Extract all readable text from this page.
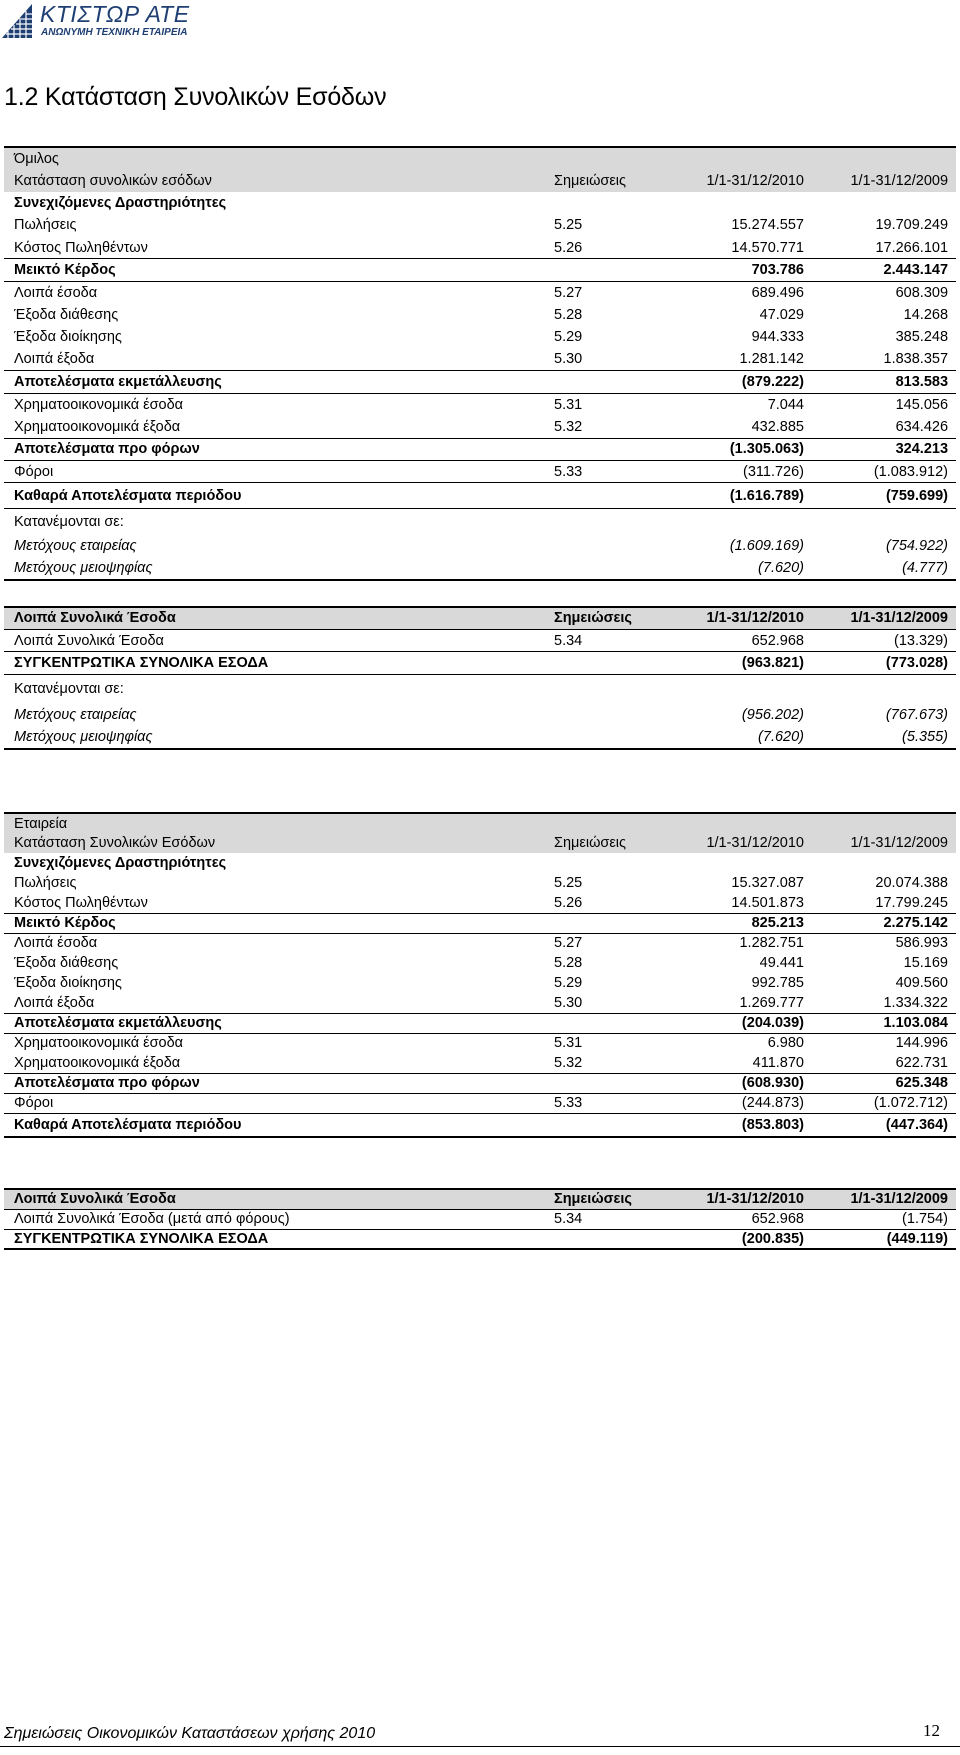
ΚΤΙΣΤΩΡ ΑΤΕ
ΑΝΩΝΥΜΗ ΤΕΧΝΙΚΗ ΕΤΑΙΡΕΙΑ
1.2 Κατάσταση Συνολικών Εσόδων
Όμιλος			
Κατάσταση συνολικών εσόδων	Σημειώσεις	1/1-31/12/2010	1/1-31/12/2009
Συνεχιζόμενες Δραστηριότητες			
Πωλήσεις	5.25	15.274.557	19.709.249
Κόστος Πωληθέντων	5.26	14.570.771	17.266.101
Μεικτό Κέρδος		703.786	2.443.147
Λοιπά έσοδα	5.27	689.496	608.309
Έξοδα διάθεσης	5.28	47.029	14.268
Έξοδα διοίκησης	5.29	944.333	385.248
Λοιπά έξοδα	5.30	1.281.142	1.838.357
Αποτελέσματα εκμετάλλευσης		(879.222)	813.583
Χρηματοοικονομικά έσοδα	5.31	7.044	145.056
Χρηματοοικονομικά έξοδα	5.32	432.885	634.426
Αποτελέσματα προ φόρων		(1.305.063)	324.213
Φόροι	5.33	(311.726)	(1.083.912)
Καθαρά Αποτελέσματα περιόδου		(1.616.789)	(759.699)
Κατανέμονται σε:			
Μετόχους εταιρείας		(1.609.169)	(754.922)
Μετόχους μειοψηφίας		(7.620)	(4.777)
Λοιπά Συνολικά Έσοδα	Σημειώσεις	1/1-31/12/2010	1/1-31/12/2009
Λοιπά Συνολικά Έσοδα	5.34	652.968	(13.329)
ΣΥΓΚΕΝΤΡΩΤΙΚΑ ΣΥΝΟΛΙΚΑ ΕΣΟΔΑ		(963.821)	(773.028)
Κατανέμονται σε:			
Μετόχους εταιρείας		(956.202)	(767.673)
Μετόχους μειοψηφίας		(7.620)	(5.355)
Εταιρεία			
Κατάσταση Συνολικών Εσόδων	Σημειώσεις	1/1-31/12/2010	1/1-31/12/2009
Συνεχιζόμενες Δραστηριότητες			
Πωλήσεις	5.25	15.327.087	20.074.388
Κόστος Πωληθέντων	5.26	14.501.873	17.799.245
Μεικτό Κέρδος		825.213	2.275.142
Λοιπά έσοδα	5.27	1.282.751	586.993
Έξοδα διάθεσης	5.28	49.441	15.169
Έξοδα διοίκησης	5.29	992.785	409.560
Λοιπά έξοδα	5.30	1.269.777	1.334.322
Αποτελέσματα εκμετάλλευσης		(204.039)	1.103.084
Χρηματοοικονομικά έσοδα	5.31	6.980	144.996
Χρηματοοικονομικά έξοδα	5.32	411.870	622.731
Αποτελέσματα προ φόρων		(608.930)	625.348
Φόροι	5.33	(244.873)	(1.072.712)
Καθαρά Αποτελέσματα περιόδου		(853.803)	(447.364)
Λοιπά Συνολικά Έσοδα	Σημειώσεις	1/1-31/12/2010	1/1-31/12/2009
Λοιπά Συνολικά Έσοδα (μετά από φόρους)	5.34	652.968	(1.754)
ΣΥΓΚΕΝΤΡΩΤΙΚΑ ΣΥΝΟΛΙΚΑ ΕΣΟΔΑ		(200.835)	(449.119)
Σημειώσεις Οικονομικών Καταστάσεων χρήσης 2010	12
